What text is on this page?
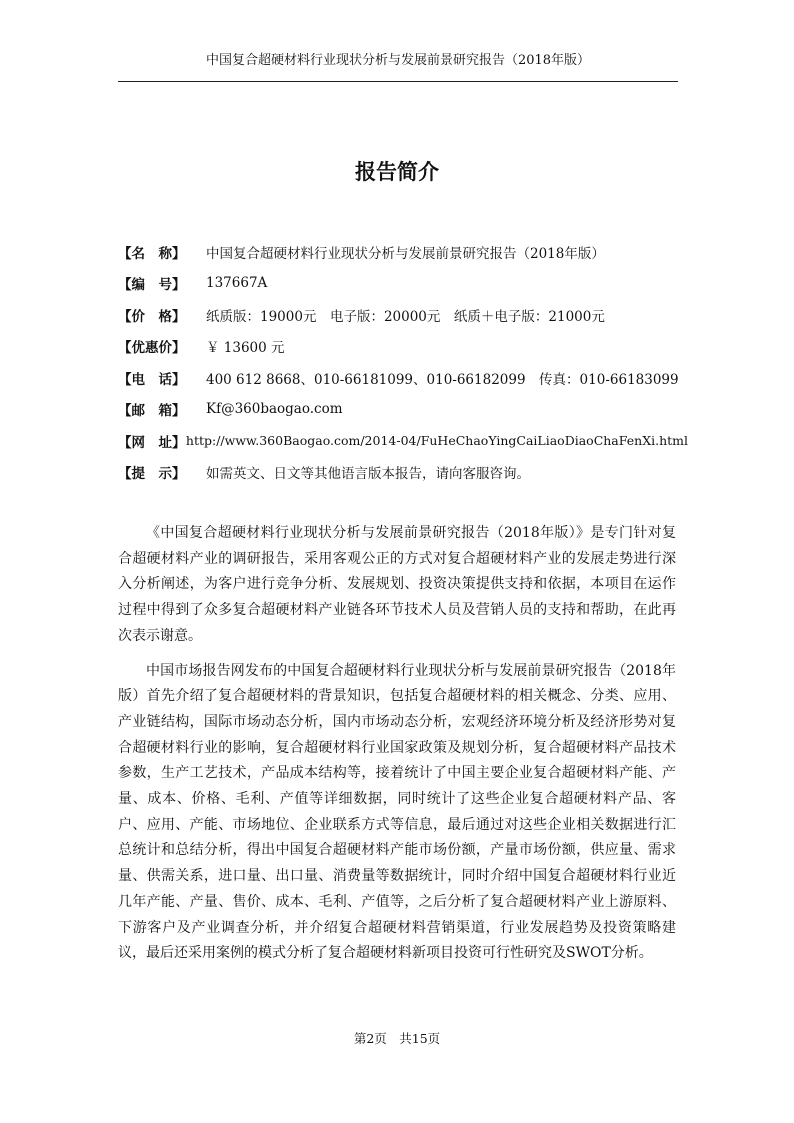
中国复合超硬材料行业现状分析与发展前景研究报告（2018年版）
报告简介
【名　称】	中国复合超硬材料行业现状分析与发展前景研究报告（2018年版）
【编　号】	137667A
【价　格】	纸质版：19000元　电子版：20000元　纸质＋电子版：21000元
【优惠价】	￥ 13600 元
【电　话】	400 612 8668、010-66181099、010-66182099　传真：010-66183099
【邮　箱】	Kf@360baogao.com
【网　址】 http://www.360Baogao.com/2014-04/FuHeChaoYingCaiLiaoDiaoChaFenXi.html
【提　示】	如需英文、日文等其他语言版本报告，请向客服咨询。

《中国复合超硬材料行业现状分析与发展前景研究报告（2018年版）》是专门针对复合超硬材料产业的调研报告，采用客观公正的方式对复合超硬材料产业的发展走势进行深入分析阐述，为客户进行竞争分析、发展规划、投资决策提供支持和依据，本项目在运作过程中得到了众多复合超硬材料产业链各环节技术人员及营销人员的支持和帮助，在此再次表示谢意。

中国市场报告网发布的中国复合超硬材料行业现状分析与发展前景研究报告（2018年版）首先介绍了复合超硬材料的背景知识，包括复合超硬材料的相关概念、分类、应用、产业链结构，国际市场动态分析，国内市场动态分析，宏观经济环境分析及经济形势对复合超硬材料行业的影响，复合超硬材料行业国家政策及规划分析，复合超硬材料产品技术参数，生产工艺技术，产品成本结构等，接着统计了中国主要企业复合超硬材料产能、产量、成本、价格、毛利、产值等详细数据，同时统计了这些企业复合超硬材料产品、客户、应用、产能、市场地位、企业联系方式等信息，最后通过对这些企业相关数据进行汇总统计和总结分析，得出中国复合超硬材料产能市场份额，产量市场份额，供应量、需求量、供需关系，进口量、出口量、消费量等数据统计，同时介绍中国复合超硬材料行业近几年产能、产量、售价、成本、毛利、产值等，之后分析了复合超硬材料产业上游原料、下游客户及产业调查分析，并介绍复合超硬材料营销渠道，行业发展趋势及投资策略建议，最后还采用案例的模式分析了复合超硬材料新项目投资可行性研究及SWOT分析。

第2页　共15页
